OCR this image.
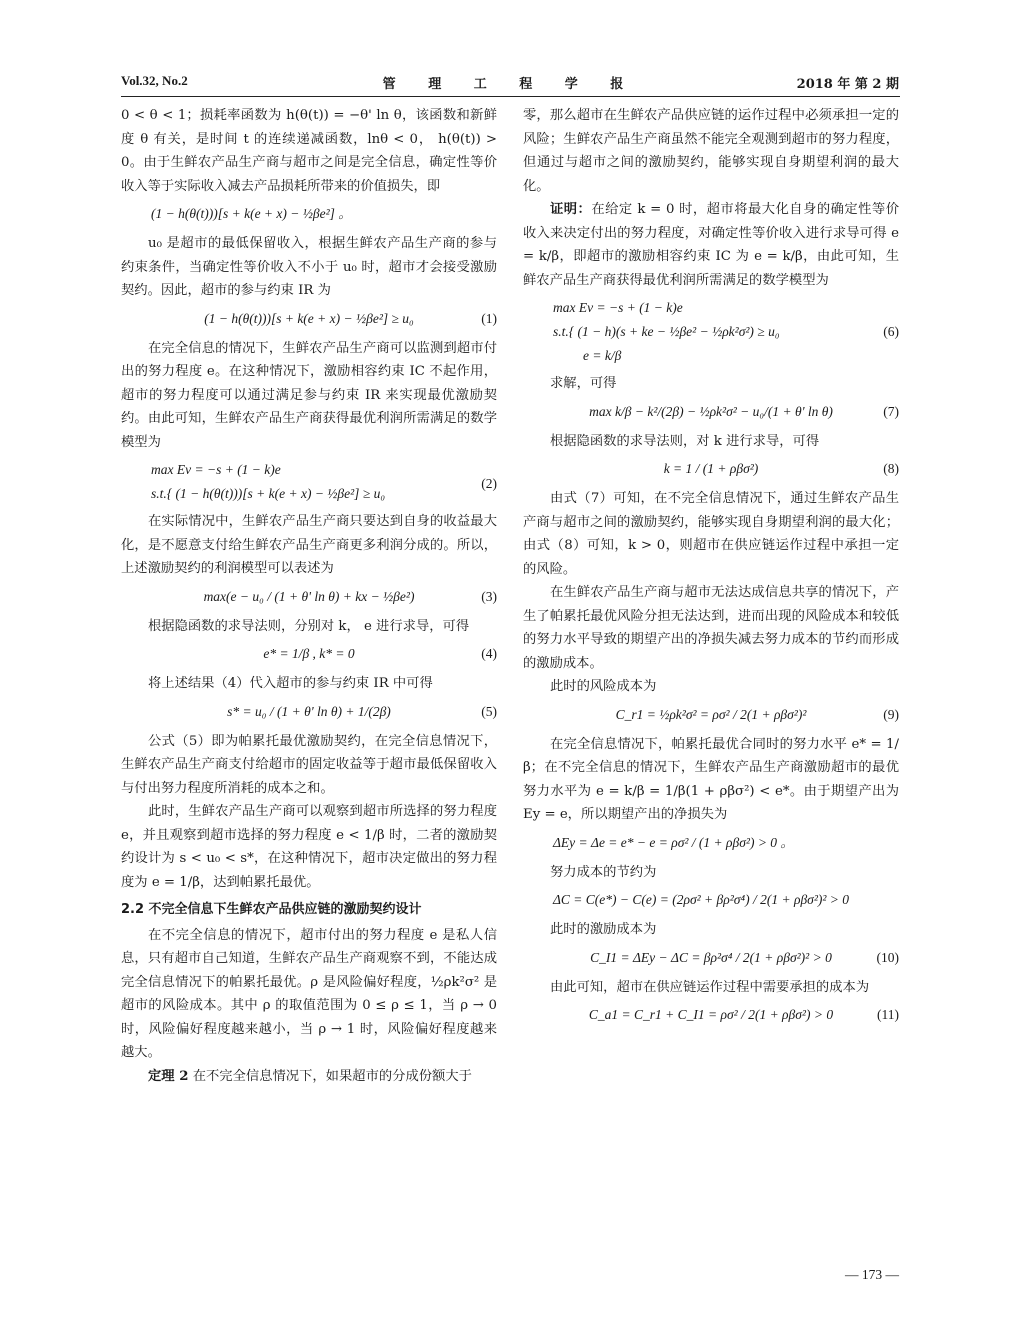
Vol.32, No.2	管 理 工 程 学 报	2018 年 第 2 期

0 < θ < 1；损耗率函数为 h(θ(t)) = −θ' ln θ，该函数和新鲜度 θ 有关，是时间 t 的连续递减函数，lnθ < 0， h(θ(t)) > 0。由于生鲜农产品生产商与超市之间是完全信息，确定性等价收入等于实际收入减去产品损耗所带来的价值损失，即

(1 − h(θ(t)))[s + k(e + x) − ½βe²] 。

u₀ 是超市的最低保留收入，根据生鲜农产品生产商的参与约束条件，当确定性等价收入不小于 u₀ 时，超市才会接受激励契约。因此，超市的参与约束 IR 为

(1 − h(θ(t)))[s + k(e + x) − ½βe²] ≥ u₀	(1)

在完全信息的情况下，生鲜农产品生产商可以监测到超市付出的努力程度 e。在这种情况下，激励相容约束 IC 不起作用，超市的努力程度可以通过满足参与约束 IR 来实现最优激励契约。由此可知，生鲜农产品生产商获得最优利润所需满足的数学模型为

max Ev = −s + (1 − k)e
s.t.{ (1 − h(θ(t)))[s + k(e + x) − ½βe²] ≥ u₀
(2)

在实际情况中，生鲜农产品生产商只要达到自身的收益最大化，是不愿意支付给生鲜农产品生产商更多利润分成的。所以，上述激励契约的利润模型可以表述为

max(e − u₀ / (1 + θ' ln θ) + kx − ½βe²)	(3)

根据隐函数的求导法则，分别对 k， e 进行求导，可得

e* = 1/β , k* = 0	(4)

将上述结果（4）代入超市的参与约束 IR 中可得

s* = u₀ / (1 + θ' ln θ) + 1/(2β)	(5)

公式（5）即为帕累托最优激励契约，在完全信息情况下，生鲜农产品生产商支付给超市的固定收益等于超市最低保留收入与付出努力程度所消耗的成本之和。

此时，生鲜农产品生产商可以观察到超市所选择的努力程度 e，并且观察到超市选择的努力程度 e < 1/β 时，二者的激励契约设计为 s < u₀ < s*，在这种情况下，超市决定做出的努力程度为 e = 1/β，达到帕累托最优。

2.2 不完全信息下生鲜农产品供应链的激励契约设计

在不完全信息的情况下，超市付出的努力程度 e 是私人信息，只有超市自己知道，生鲜农产品生产商观察不到，不能达成完全信息情况下的帕累托最优。ρ 是风险偏好程度，½ρk²σ² 是超市的风险成本。其中 ρ 的取值范围为 0 ≤ ρ ≤ 1，当 ρ → 0 时，风险偏好程度越来越小，当 ρ → 1 时，风险偏好程度越来越大。

定理 2 在不完全信息情况下，如果超市的分成份额大于

零，那么超市在生鲜农产品供应链的运作过程中必须承担一定的风险；生鲜农产品生产商虽然不能完全观测到超市的努力程度，但通过与超市之间的激励契约，能够实现自身期望利润的最大化。

证明：在给定 k = 0 时，超市将最大化自身的确定性等价收入来决定付出的努力程度，对确定性等价收入进行求导可得 e = k/β，即超市的激励相容约束 IC 为 e = k/β，由此可知，生鲜农产品生产商获得最优利润所需满足的数学模型为

max Ev = −s + (1 − k)e
s.t.{ (1 − h)(s + ke − ½βe² − ½ρk²σ²) ≥ u₀
e = k/β
(6)

求解，可得

max k/β − k²/(2β) − ½ρk²σ² − u₀/(1 + θ' ln θ)	(7)

根据隐函数的求导法则，对 k 进行求导，可得

k = 1 / (1 + ρβσ²)	(8)

由式（7）可知，在不完全信息情况下，通过生鲜农产品生产商与超市之间的激励契约，能够实现自身期望利润的最大化；由式（8）可知，k > 0，则超市在供应链运作过程中承担一定的风险。

在生鲜农产品生产商与超市无法达成信息共享的情况下，产生了帕累托最优风险分担无法达到，进而出现的风险成本和较低的努力水平导致的期望产出的净损失减去努力成本的节约而形成的激励成本。

此时的风险成本为

C_r1 = ½ρk²σ² = ρσ² / 2(1 + ρβσ²)²	(9)

在完全信息情况下，帕累托最优合同时的努力水平 e* = 1/β；在不完全信息的情况下，生鲜农产品生产商激励超市的最优努力水平为 e = k/β = 1/β(1 + ρβσ²) < e*。由于期望产出为 Ey = e，所以期望产出的净损失为

ΔEy = Δe = e* − e = ρσ² / (1 + ρβσ²) > 0 。

努力成本的节约为

ΔC = C(e*) − C(e) = (2ρσ² + βρ²σ⁴) / 2(1 + ρβσ²)² > 0

此时的激励成本为

C_I1 = ΔEy − ΔC = βρ²σ⁴ / 2(1 + ρβσ²)² > 0	(10)

由此可知，超市在供应链运作过程中需要承担的成本为

C_a1 = C_r1 + C_I1 = ρσ² / 2(1 + ρβσ²) > 0	(11)
— 173 —
